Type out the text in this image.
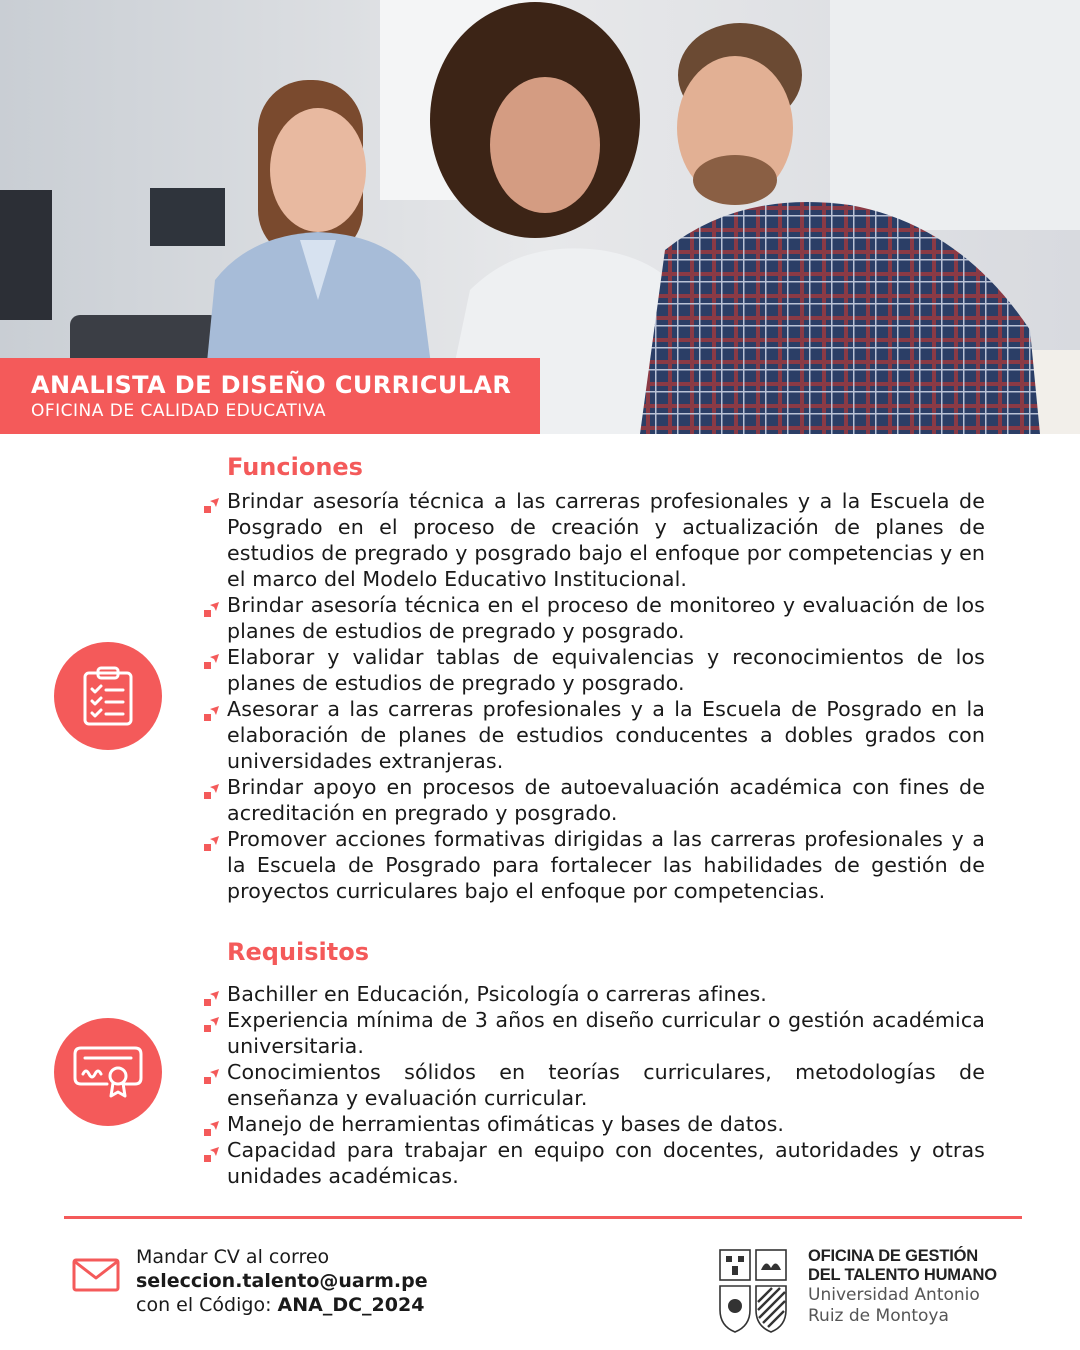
ANALISTA DE DISEÑO CURRICULAR
OFICINA DE CALIDAD EDUCATIVA
Funciones
Brindar asesoría técnica a las carreras profesionales y a la Escuela de Posgrado en el proceso de creación y actualización de planes de estudios de pregrado y posgrado bajo el enfoque por competencias y en el marco del Modelo Educativo Institucional.
Brindar asesoría técnica en el proceso de monitoreo y evaluación de los planes de estudios de pregrado y posgrado.
Elaborar y validar tablas de equivalencias y reconocimientos de los planes de estudios de pregrado y posgrado.
Asesorar a las carreras profesionales y a la Escuela de Posgrado en la elaboración de planes de estudios conducentes a dobles grados con universidades extranjeras.
Brindar apoyo en procesos de autoevaluación académica con fines de acreditación en pregrado y posgrado.
Promover acciones formativas dirigidas a las carreras profesionales y a la Escuela de Posgrado para fortalecer las habilidades de gestión de proyectos curriculares bajo el enfoque por competencias.
Requisitos
Bachiller en Educación, Psicología o carreras afines.
Experiencia mínima de 3 años en diseño curricular o gestión académica universitaria.
Conocimientos sólidos en teorías curriculares, metodologías de enseñanza y evaluación curricular.
Manejo de herramientas ofimáticas y bases de datos.
Capacidad para trabajar en equipo con docentes, autoridades y otras unidades académicas.
Mandar CV al correo
seleccion.talento@uarm.pe
con el Código: ANA_DC_2024
OFICINA DE GESTIÓN
DEL TALENTO HUMANO
Universidad Antonio
Ruiz de Montoya
